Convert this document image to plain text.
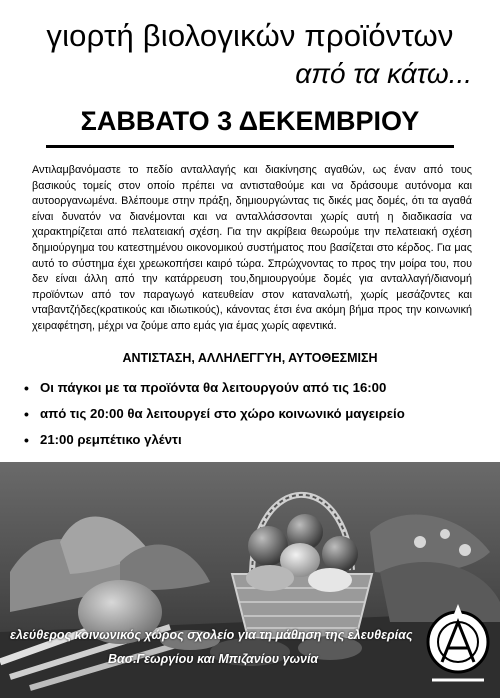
γιορτή βιολογικών προϊόντων
από τα κάτω...
ΣΑΒΒΑΤΟ 3 ΔΕΚΕΜΒΡΙΟΥ

Αντιλαμβανόμαστε το πεδίο ανταλλαγής και διακίνησης αγαθών, ως έναν από τους βασικούς τομείς στον οποίο πρέπει να αντισταθούμε και να δράσουμε αυτόνομα και αυτοοργανωμένα. Βλέπουμε στην πράξη, δημιουργώντας τις δικές μας δομές, ότι τα αγαθά είναι δυνατόν να διανέμονται και να ανταλλάσσονται χωρίς αυτή η διαδικασία να χαρακτηρίζεται από πελατειακή σχέση. Για την ακρίβεια θεωρούμε την πελατειακή σχέση δημιούργημα του κατεστημένου οικονομικού συστήματος που βασίζεται στο κέρδος. Για μας αυτό το σύστημα έχει χρεωκοπήσει καιρό τώρα. Σπρώχνοντας το προς την μοίρα του, που δεν είναι άλλη από την κατάρρευση του,δημιουργούμε δομές για ανταλλαγή/διανομή προϊόντων από τον παραγωγό κατευθείαν στον καταναλωτή, χωρίς μεσάζοντες και νταβαντζήδες(κρατικούς και ιδιωτικούς), κάνοντας έτσι ένα ακόμη βήμα προς την κοινωνική χειραφέτηση, μέχρι να ζούμε απο εμάς για έμας χωρίς αφεντικά.

ΑΝΤΙΣΤΑΣΗ, ΑΛΛΗΛΕΓΓΥΗ, ΑΥΤΟΘΕΣΜΙΣΗ
• Οι πάγκοι με τα προϊόντα θα λειτουργούν από τις 16:00
• από τις 20:00 θα λειτουργεί στο χώρο κοινωνικό μαγειρείο
• 21:00 ρεμπέτικο γλέντι
ελεύθερος κοινωνικός χώρος σχολείο για τη μάθηση της ελευθερίας
Βασ.Γεωργίου και Μπιζανίου γωνία
